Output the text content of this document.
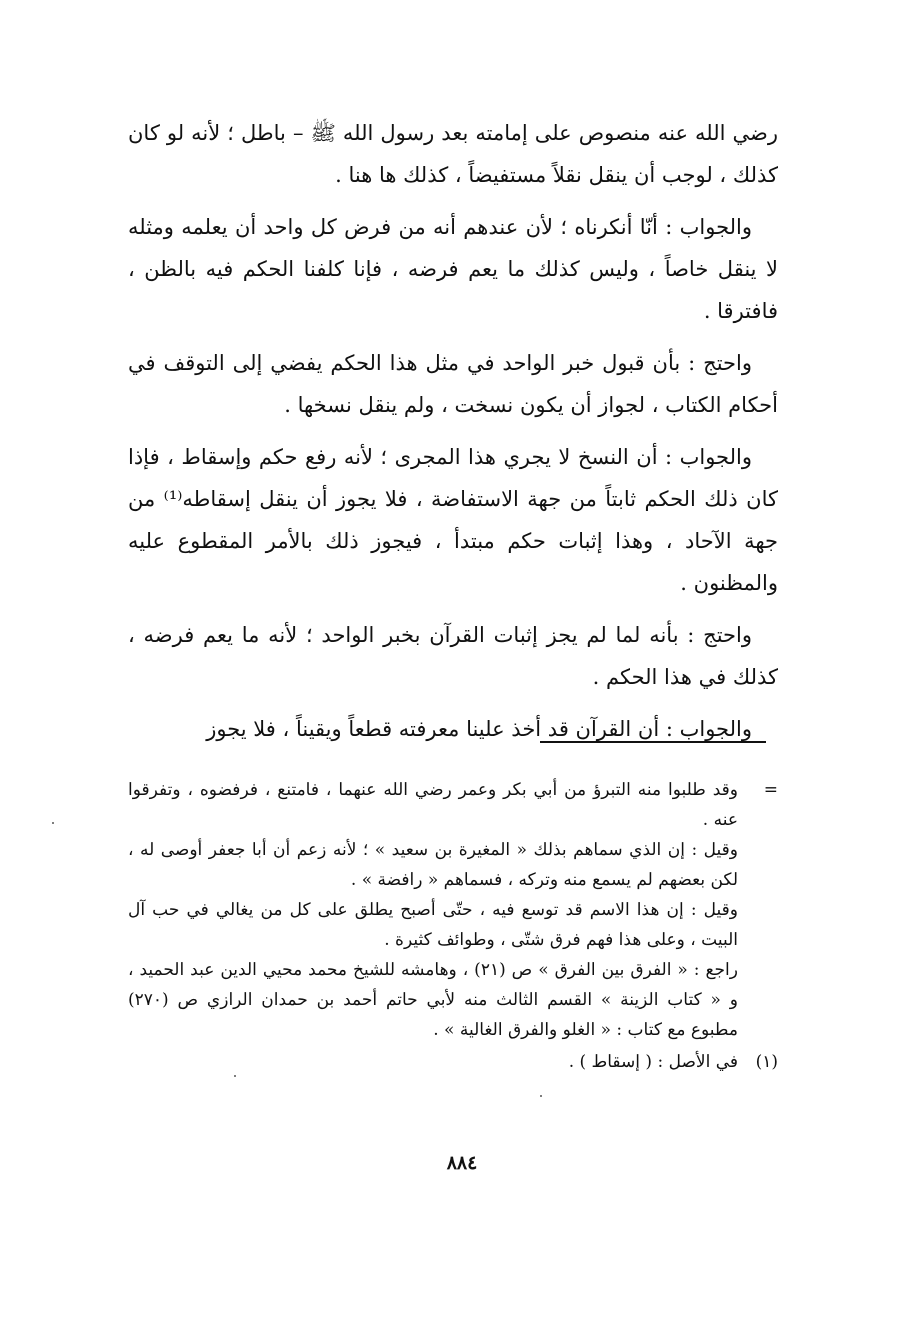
رضي الله عنه منصوص على إمامته بعد رسول الله ﷺ – باطل ؛ لأنه لو كان كذلك ، لوجب أن ينقل نقلاً مستفيضاً ، كذلك ها هنا .

والجواب : أنّا أنكرناه ؛ لأن عندهم أنه من فرض كل واحد أن يعلمه ومثله لا ينقل خاصاً ، وليس كذلك ما يعم فرضه ، فإنا كلفنا الحكم فيه بالظن ، فافترقا .

واحتج : بأن قبول خبر الواحد في مثل هذا الحكم يفضي إلى التوقف في أحكام الكتاب ، لجواز أن يكون نسخت ، ولم ينقل نسخها .

والجواب : أن النسخ لا يجري هذا المجرى ؛ لأنه رفع حكم وإسقاط ، فإذا كان ذلك الحكم ثابتاً من جهة الاستفاضة ، فلا يجوز أن ينقل إسقاطه⁽¹⁾ من جهة الآحاد ، وهذا إثبات حكم مبتدأ ، فيجوز ذلك بالأمر المقطوع عليه والمظنون .

واحتج : بأنه لما لم يجز إثبات القرآن بخبر الواحد ؛ لأنه ما يعم فرضه ، كذلك في هذا الحكم .

والجواب : أن القرآن قد أخذ علينا معرفته قطعاً ويقيناً ، فلا يجوز

=

وقد طلبوا منه التبرؤ من أبي بكر وعمر رضي الله عنهما ، فامتنع ، فرفضوه ، وتفرقوا عنه .

وقيل : إن الذي سماهم بذلك « المغيرة بن سعيد » ؛ لأنه زعم أن أبا جعفر أوصى له ، لكن بعضهم لم يسمع منه وتركه ، فسماهم « رافضة » .

وقيل : إن هذا الاسم قد توسع فيه ، حتّى أصبح يطلق على كل من يغالي في حب آل البيت ، وعلى هذا فهم فرق شتّى ، وطوائف كثيرة .

راجع : « الفرق بين الفرق » ص (٢١) ، وهامشه للشيخ محمد محيي الدين عبد الحميد ، و « كتاب الزينة » القسم الثالث منه لأبي حاتم أحمد بن حمدان الرازي ص (٢٧٠) مطبوع مع كتاب : « الغلو والفرق الغالية » .

(١)

في الأصل : ( إسقاط ) .

٨٨٤
